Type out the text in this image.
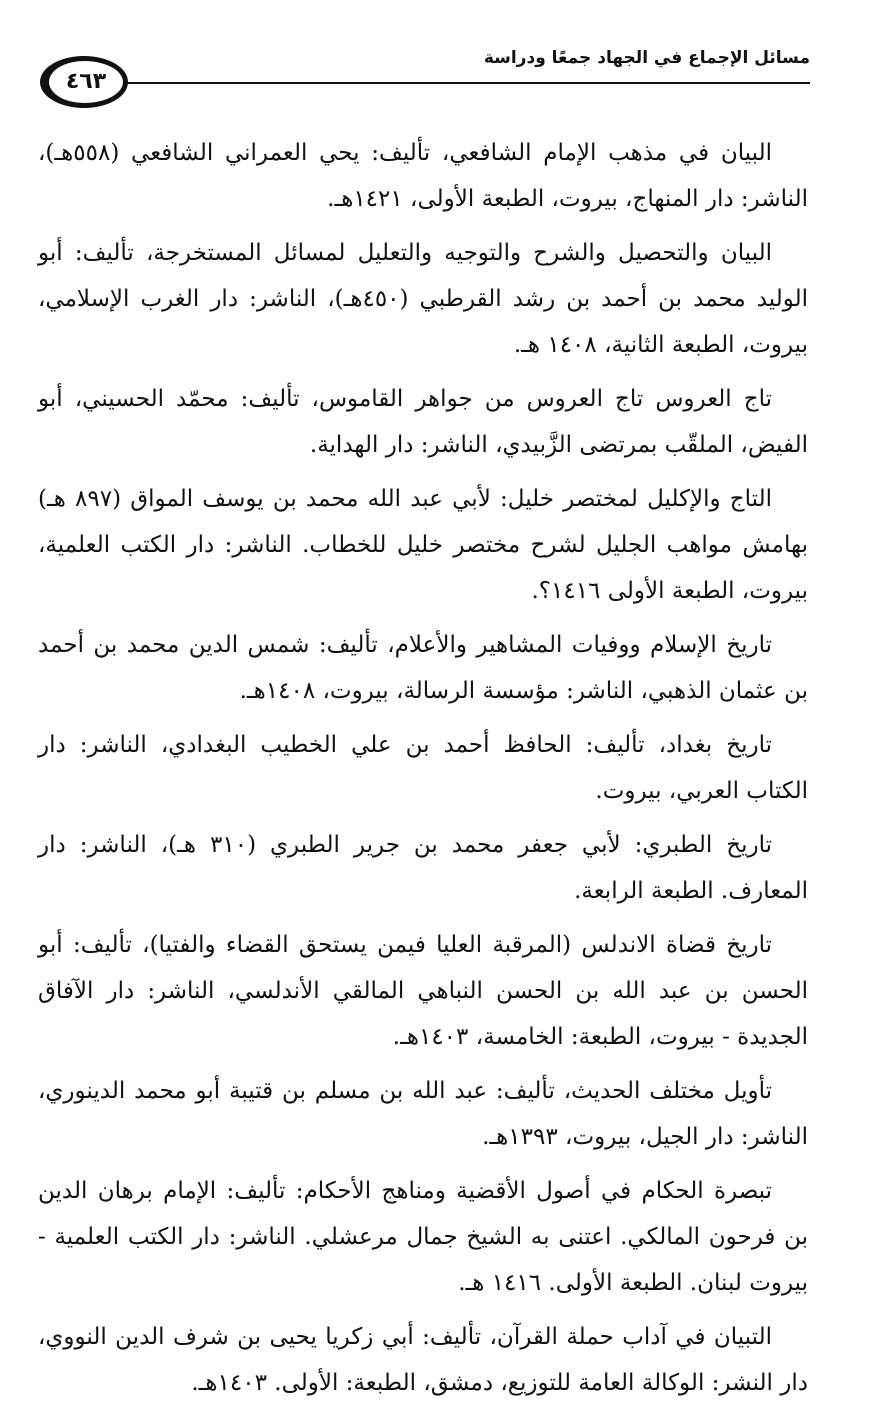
مسائل الإجماع في الجهاد جمعًا ودراسة
٤٦٣

البيان في مذهب الإمام الشافعي، تأليف: يحي العمراني الشافعي (٥٥٨هـ)، الناشر: دار المنهاج، بيروت، الطبعة الأولى، ١٤٢١هـ.

البيان والتحصيل والشرح والتوجيه والتعليل لمسائل المستخرجة، تأليف: أبو الوليد محمد بن أحمد بن رشد القرطبي (٤٥٠هـ)، الناشر: دار الغرب الإسلامي، بيروت، الطبعة الثانية، ١٤٠٨ هـ.

تاج العروس تاج العروس من جواهر القاموس، تأليف: محمّد الحسيني، أبو الفيض، الملقّب بمرتضى الزَّبيدي، الناشر: دار الهداية.

التاج والإكليل لمختصر خليل: لأبي عبد الله محمد بن يوسف المواق (٨٩٧ هـ) بهامش مواهب الجليل لشرح مختصر خليل للخطاب. الناشر: دار الكتب العلمية، بيروت، الطبعة الأولى ١٤١٦؟.

تاريخ الإسلام ووفيات المشاهير والأعلام، تأليف: شمس الدين محمد بن أحمد بن عثمان الذهبي، الناشر: مؤسسة الرسالة، بيروت، ١٤٠٨هـ.

تاريخ بغداد، تأليف: الحافظ أحمد بن علي الخطيب البغدادي، الناشر: دار الكتاب العربي، بيروت.

تاريخ الطبري: لأبي جعفر محمد بن جرير الطبري (٣١٠ هـ)، الناشر: دار المعارف. الطبعة الرابعة.

تاريخ قضاة الاندلس (المرقبة العليا فيمن يستحق القضاء والفتيا)، تأليف: أبو الحسن بن عبد الله بن الحسن النباهي المالقي الأندلسي، الناشر: دار الآفاق الجديدة - بيروت، الطبعة: الخامسة، ١٤٠٣هـ.

تأويل مختلف الحديث، تأليف: عبد الله بن مسلم بن قتيبة أبو محمد الدينوري، الناشر: دار الجيل، بيروت، ١٣٩٣هـ.

تبصرة الحكام في أصول الأقضية ومناهج الأحكام: تأليف: الإمام برهان الدين بن فرحون المالكي. اعتنى به الشيخ جمال مرعشلي. الناشر: دار الكتب العلمية - بيروت لبنان. الطبعة الأولى. ١٤١٦ هـ.

التبيان في آداب حملة القرآن، تأليف: أبي زكريا يحيى بن شرف الدين النووي، دار النشر: الوكالة العامة للتوزيع، دمشق، الطبعة: الأولى. ١٤٠٣هـ.
